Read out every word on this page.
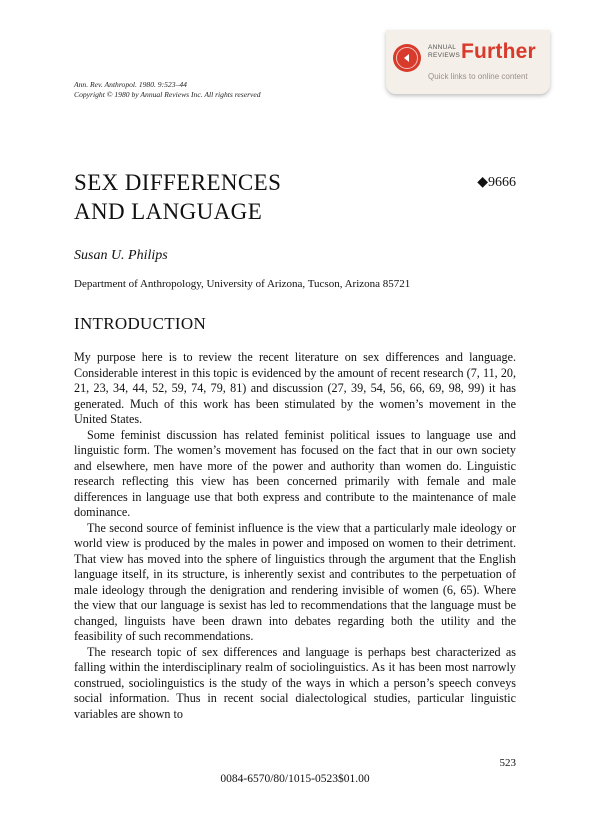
Ann. Rev. Anthropol. 1980. 9:523–44
Copyright © 1980 by Annual Reviews Inc. All rights reserved
ANNUAL
REVIEWS Further
Quick links to online content
SEX DIFFERENCES
AND LANGUAGE
◆9666
Susan U. Philips
Department of Anthropology, University of Arizona, Tucson, Arizona 85721
INTRODUCTION

My purpose here is to review the recent literature on sex differences and language. Considerable interest in this topic is evidenced by the amount of recent research (7, 11, 20, 21, 23, 34, 44, 52, 59, 74, 79, 81) and discussion (27, 39, 54, 56, 66, 69, 98, 99) it has generated. Much of this work has been stimulated by the women’s movement in the United States.

Some feminist discussion has related feminist political issues to language use and linguistic form. The women’s movement has focused on the fact that in our own society and elsewhere, men have more of the power and authority than women do. Linguistic research reflecting this view has been concerned primarily with female and male differences in language use that both express and contribute to the maintenance of male dominance.

The second source of feminist influence is the view that a particularly male ideology or world view is produced by the males in power and imposed on women to their detriment. That view has moved into the sphere of linguistics through the argument that the English language itself, in its structure, is inherently sexist and contributes to the perpetuation of male ideology through the denigration and rendering invisible of women (6, 65). Where the view that our language is sexist has led to recommendations that the language must be changed, linguists have been drawn into debates regarding both the utility and the feasibility of such recommendations.

The research topic of sex differences and language is perhaps best characterized as falling within the interdisciplinary realm of sociolinguistics. As it has been most narrowly construed, sociolinguistics is the study of the ways in which a person’s speech conveys social information. Thus in recent social dialectological studies, particular linguistic variables are shown to

523
0084-6570/80/1015-0523$01.00
